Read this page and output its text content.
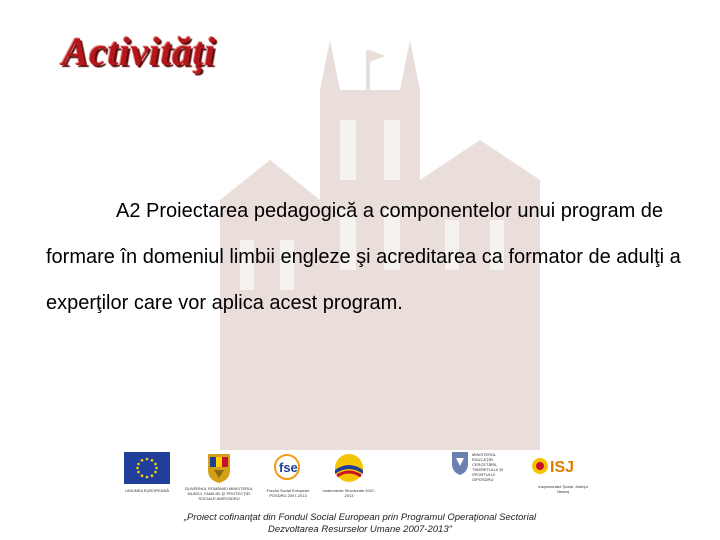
Activităţi

A2 Proiectarea pedagogică a componentelor unui program de formare în domeniul limbii engleze şi acreditarea ca formator de adulţi a experţilor care vor aplica acest program.

UNIUNEA EUROPEANĂ	GUVERNUL ROMÂNIEI MINISTERUL MUNCII, FAMILIEI ŞI PROTECŢIEI SOCIALE AMPOSDRU
fse
Fondul Social European POSDRU 2007-2013
Instrumente Structurale 2007-2013
MINISTERUL EDUCAŢIEI, CERCETĂRII, TINERETULUI ŞI SPORTULUI OIPOSDRU
ISJ
Inspectoratul Şcolar Judeţul Neamţ

„Proiect cofinanţat din Fondul Social European prin Programul Operaţional Sectorial
Dezvoltarea Resurselor Umane 2007-2013"
